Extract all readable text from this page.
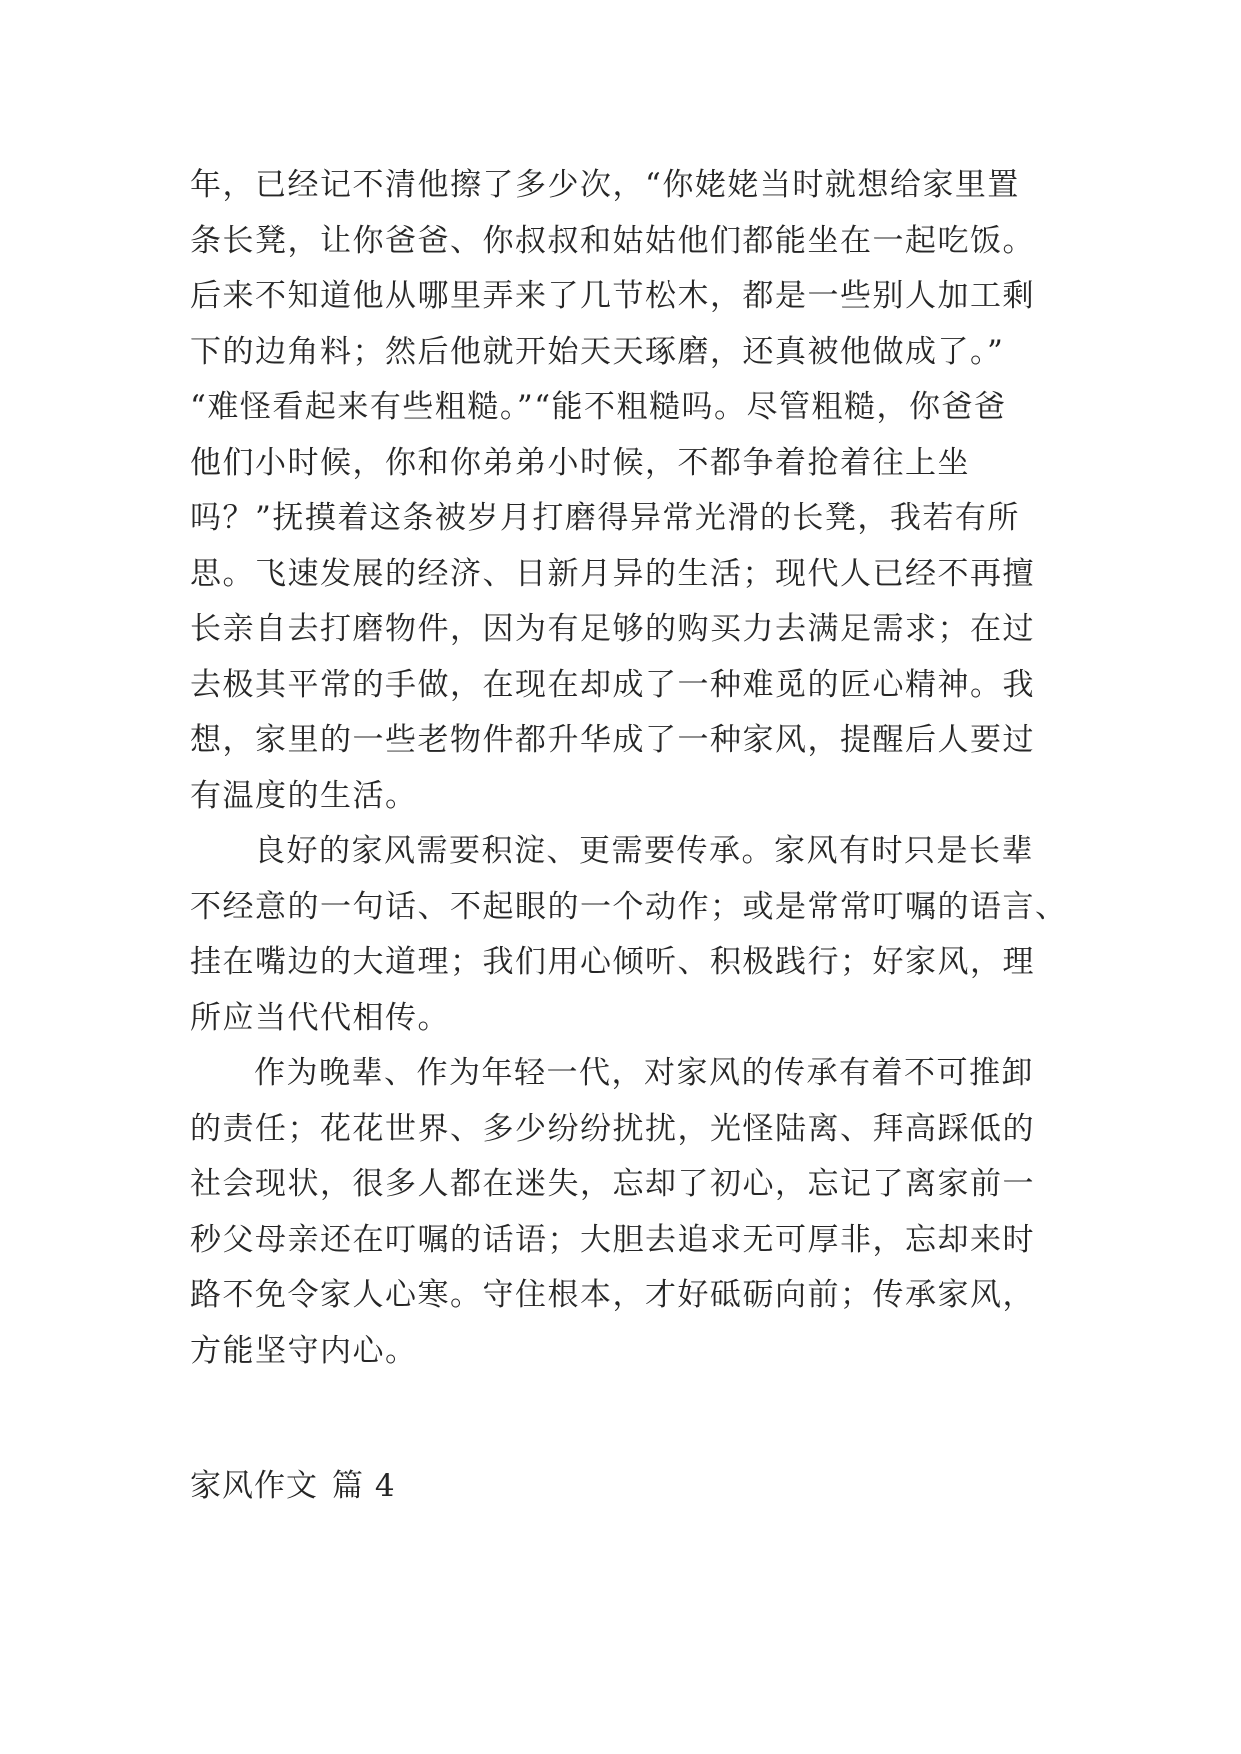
年，已经记不清他擦了多少次，“你姥姥当时就想给家里置
条长凳，让你爸爸、你叔叔和姑姑他们都能坐在一起吃饭。
后来不知道他从哪里弄来了几节松木，都是一些别人加工剩
下的边角料；然后他就开始天天琢磨，还真被他做成了。”
“难怪看起来有些粗糙。”“能不粗糙吗。尽管粗糙，你爸爸
他们小时候，你和你弟弟小时候，不都争着抢着往上坐
吗？”抚摸着这条被岁月打磨得异常光滑的长凳，我若有所
思。飞速发展的经济、日新月异的生活；现代人已经不再擅
长亲自去打磨物件，因为有足够的购买力去满足需求；在过
去极其平常的手做，在现在却成了一种难觅的匠心精神。我
想，家里的一些老物件都升华成了一种家风，提醒后人要过
有温度的生活。
良好的家风需要积淀、更需要传承。家风有时只是长辈
不经意的一句话、不起眼的一个动作；或是常常叮嘱的语言、
挂在嘴边的大道理；我们用心倾听、积极践行；好家风，理
所应当代代相传。
作为晚辈、作为年轻一代，对家风的传承有着不可推卸
的责任；花花世界、多少纷纷扰扰，光怪陆离、拜高踩低的
社会现状，很多人都在迷失，忘却了初心，忘记了离家前一
秒父母亲还在叮嘱的话语；大胆去追求无可厚非，忘却来时
路不免令家人心寒。守住根本，才好砥砺向前；传承家风，
方能坚守内心。
家风作文 篇 4
